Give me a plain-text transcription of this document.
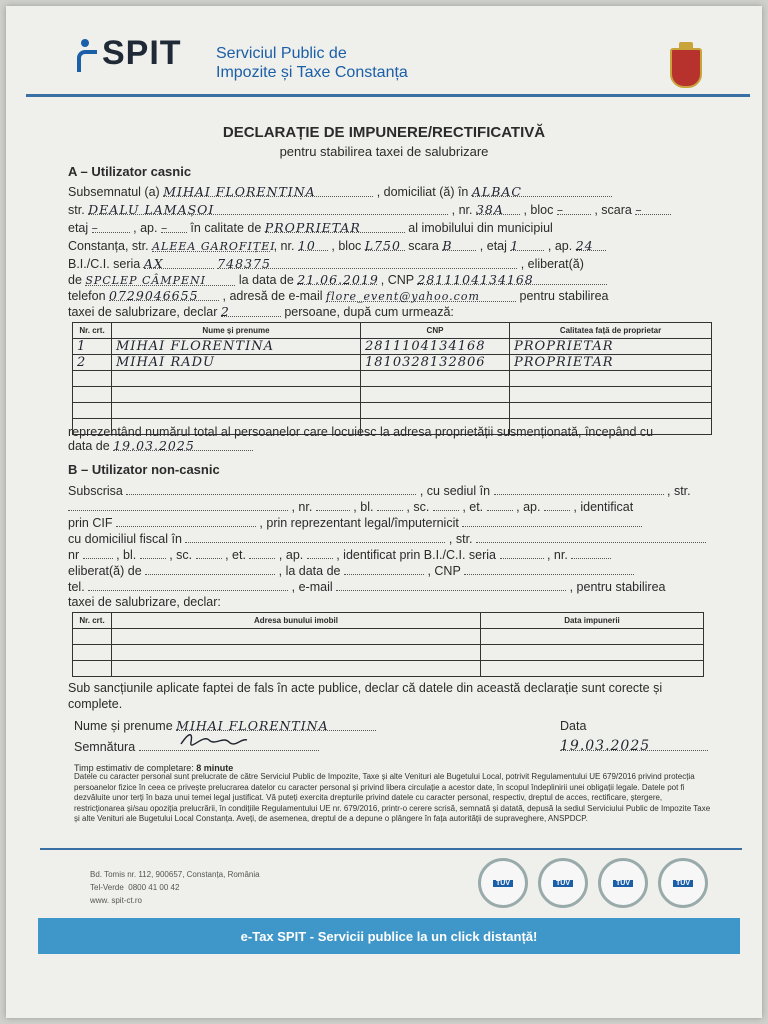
SPIT Serviciul Public de
Impozite și Taxe Constanța
DECLARAȚIE DE IMPUNERE/RECTIFICATIVĂ
pentru stabilirea taxei de salubrizare
A – Utilizator casnic
Subsemnatul (a) MIHAI FLORENTINA	, domiciliat (ă) în ALBAC
str. DEALU LAMAȘOI	, nr. 38A , bloc – , scara –
etaj –	, ap. – în calitate de PROPRIETAR	al imobilului din municipiul
Constanța, str. ALEEA GAROFIȚEI , nr. 10 , bloc L750 scara B , etaj 1 , ap. 24
B.I./C.I. seria AX	748375	, eliberat(ă)
de SPCLEP CÂMPENI	la data de 21.06.2019 , CNP 2811104134168
telefon 0729046655 , adresă de e-mail flore_event@yahoo.com	pentru stabilirea
taxei de salubrizare, declar 2	persoane, după cum urmează:
Nr. crt.	Nume și prenume	CNP	Calitatea față de proprietar
1	MIHAI FLORENTINA	2811104134168	PROPRIETAR
2	MIHAI RADU	1810328132806	PROPRIETAR

reprezentând numărul total al persoanelor care locuiesc la adresa proprietății susmenționată, începând cu
data de 19.03.2025
B – Utilizator non-casnic
Subscrisa	, cu sediul în	, str.
, nr.	, bl.	, sc.	, et.	, ap.	, identificat
prin CIF	, prin reprezentant legal/împuternicit
cu domiciliul fiscal în	, str.
nr	, bl.	, sc.	, et.	, ap.	, identificat prin B.I./C.I. seria	, nr.
eliberat(ă) de	, la data de	, CNP
tel.	, e-mail	, pentru stabilirea
taxei de salubrizare, declar:
Nr. crt.	Adresa bunului imobil	Data impunerii

Sub sancțiunile aplicate faptei de fals în acte publice, declar că datele din această declarație sunt corecte și complete.
Nume și prenume MIHAI FLORENTINA
Semnătura
Data
19.03.2025
Timp estimativ de completare: 8 minute
Datele cu caracter personal sunt prelucrate de către Serviciul Public de Impozite, Taxe și alte Venituri ale Bugetului Local, potrivit Regulamentului UE 679/2016 privind protecția persoanelor fizice în ceea ce privește prelucrarea datelor cu caracter personal și privind libera circulație a acestor date, în scopul îndeplinirii unei obligații legale. Datele pot fi dezvăluite unor terți în baza unui temei legal justificat. Vă puteți exercita drepturile privind datele cu caracter personal, respectiv, dreptul de acces, rectificare, ștergere, restricționarea și/sau opoziția prelucrării, în condițiile Regulamentului UE nr. 679/2016, printr-o cerere scrisă, semnată și datată, depusă la sediul Serviciului Public de Impozite Taxe și alte Venituri ale Bugetului Local Constanța. Aveți, de asemenea, dreptul de a depune o plângere în fața autorității de supraveghere, ANSPDCP.
Bd. Tomis nr. 112, 900657, Constanța, România
Tel-Verde 0800 41 00 42
www. spit-ct.ro
TÜV	TÜV	TÜV	TÜV
e-Tax SPIT - Servicii publice la un click distanță!
